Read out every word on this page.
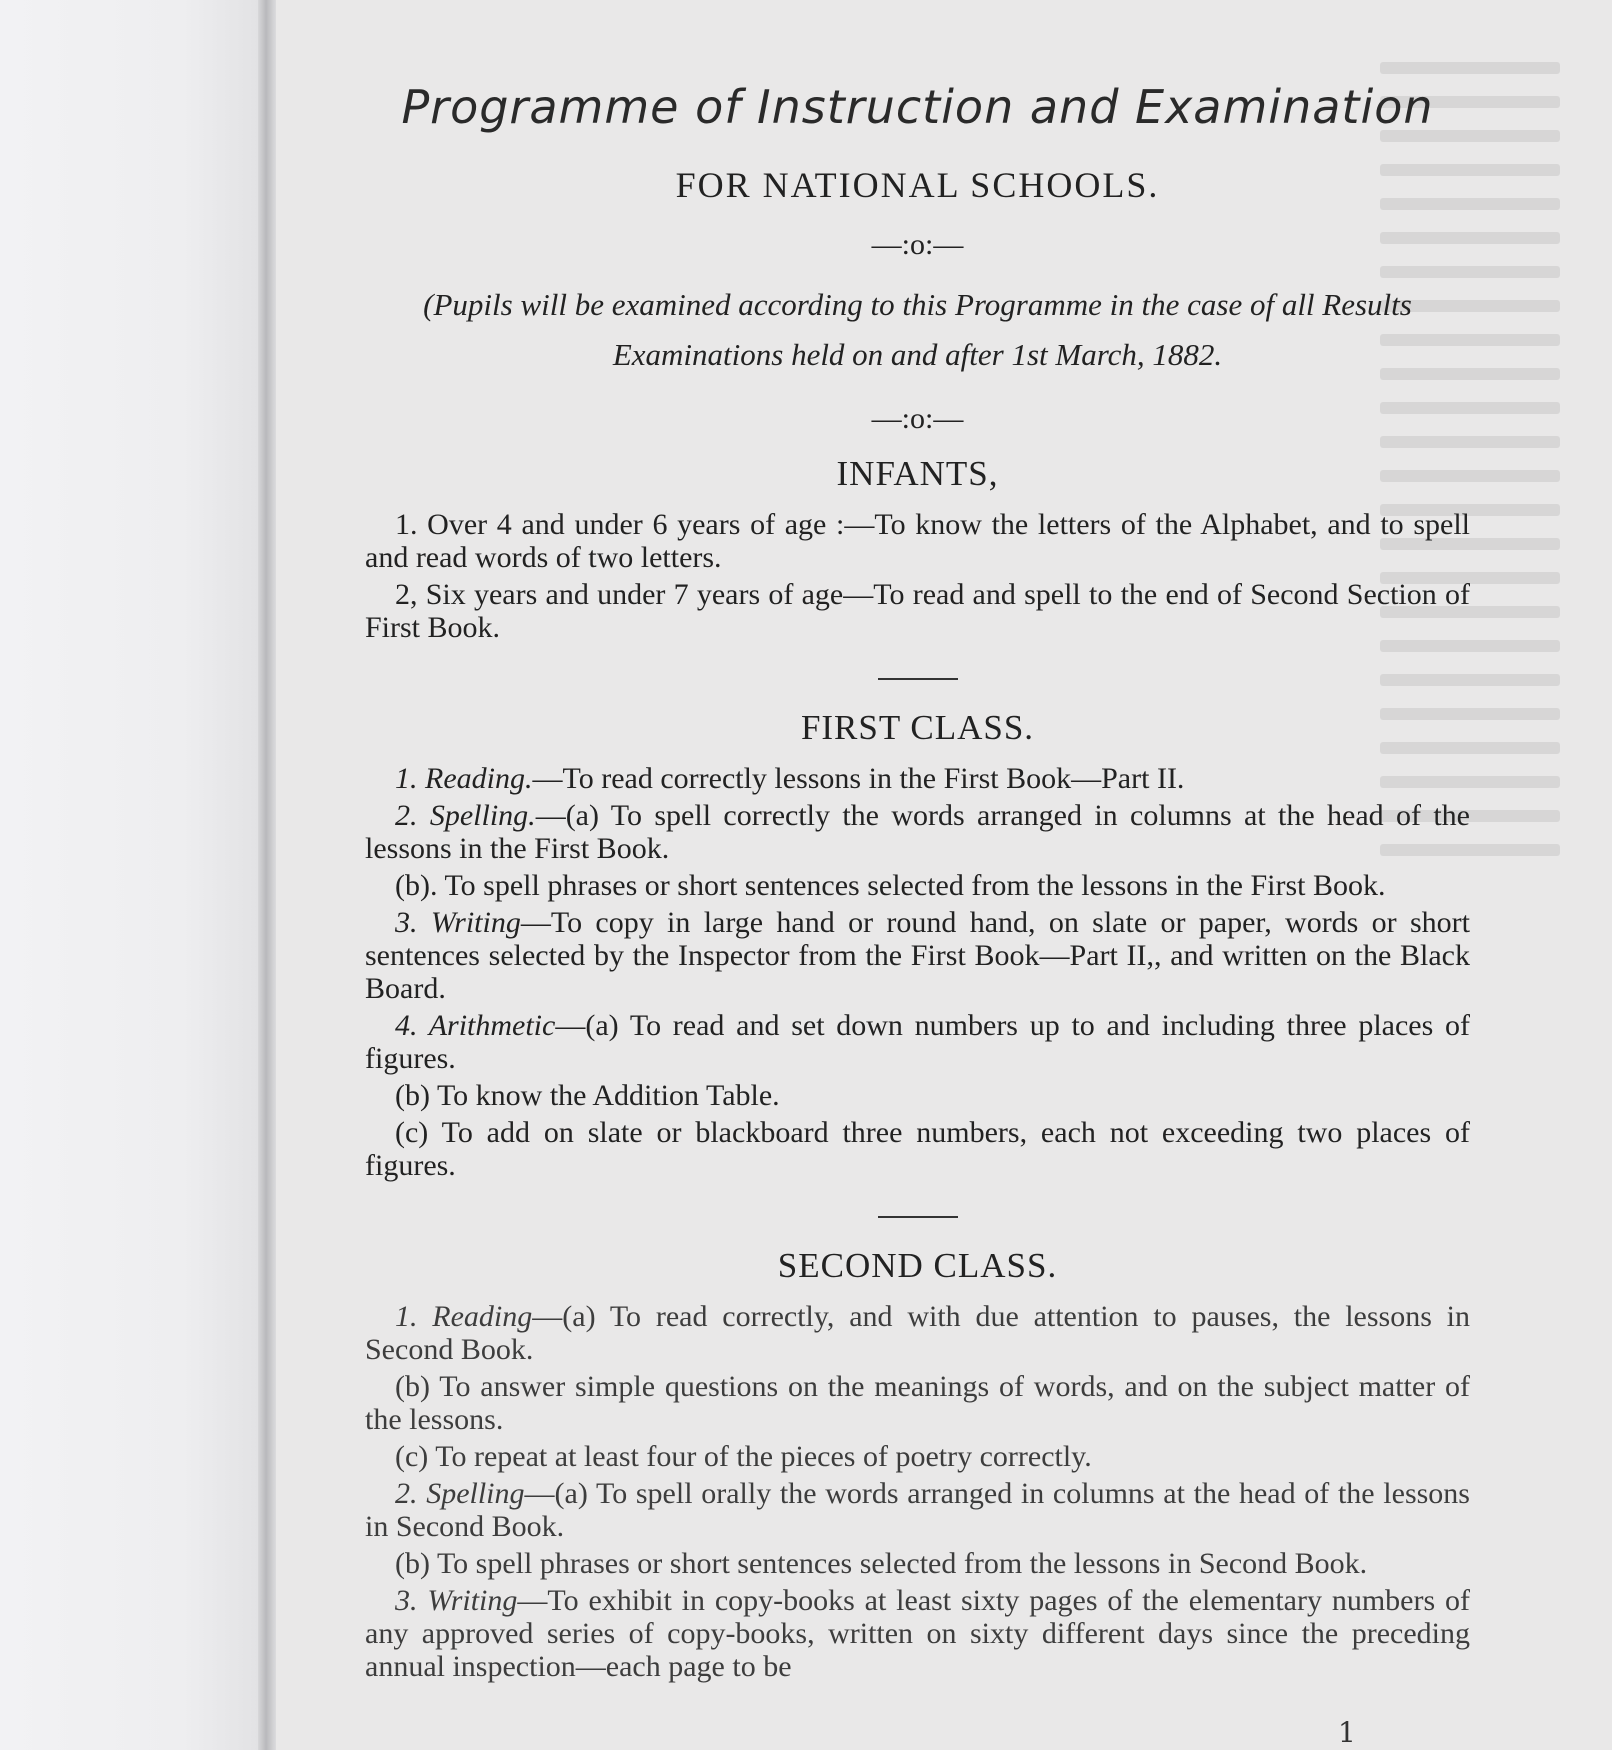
Programme of Instruction and Examination
FOR NATIONAL SCHOOLS.
—:o:—
(Pupils will be examined according to this Programme in the case of all Results Examinations held on and after 1st March, 1882.
—:o:—
INFANTS,

1. Over 4 and under 6 years of age :—To know the letters of the Alphabet, and to spell and read words of two letters.

2, Six years and under 7 years of age—To read and spell to the end of Second Section of First Book.

FIRST CLASS.

1. Reading.—To read correctly lessons in the First Book—Part II.

2. Spelling.—(a) To spell correctly the words arranged in columns at the head of the lessons in the First Book.

(b). To spell phrases or short sentences selected from the lessons in the First Book.

3. Writing—To copy in large hand or round hand, on slate or paper, words or short sentences selected by the Inspector from the First Book—Part II,, and written on the Black Board.

4. Arithmetic—(a) To read and set down numbers up to and including three places of figures.

(b) To know the Addition Table.

(c) To add on slate or blackboard three numbers, each not exceeding two places of figures.

SECOND CLASS.

1. Reading—(a) To read correctly, and with due attention to pauses, the lessons in Second Book.

(b) To answer simple questions on the meanings of words, and on the subject matter of the lessons.

(c) To repeat at least four of the pieces of poetry correctly.

2. Spelling—(a) To spell orally the words arranged in columns at the head of the lessons in Second Book.

(b) To spell phrases or short sentences selected from the lessons in Second Book.

3. Writing—To exhibit in copy-books at least sixty pages of the elementary numbers of any approved series of copy-books, written on sixty different days since the preceding annual inspection—each page to be

1
